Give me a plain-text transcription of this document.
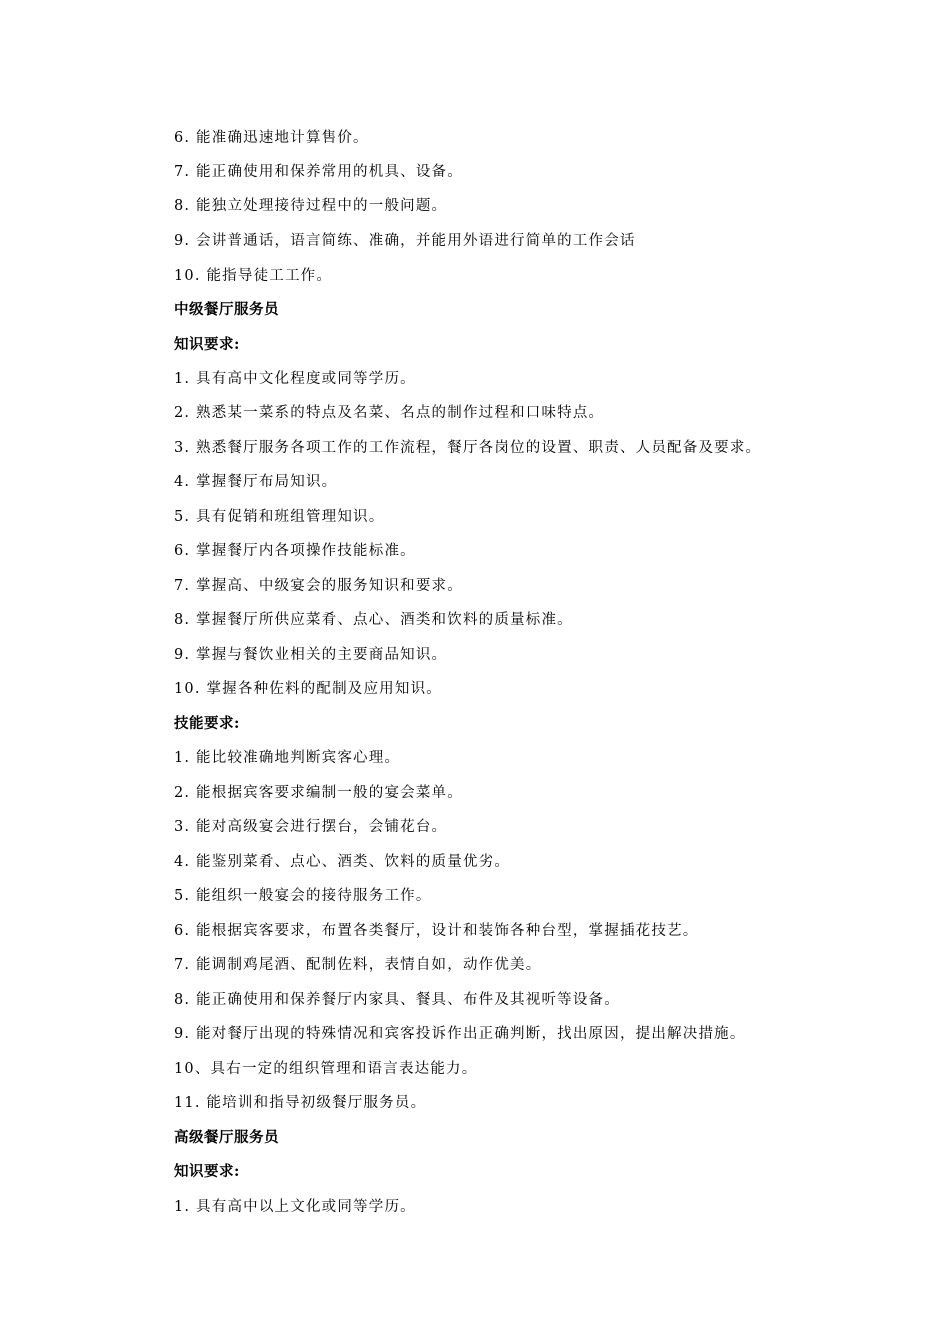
6. 能准确迅速地计算售价。
7. 能正确使用和保养常用的机具、设备。
8. 能独立处理接待过程中的一般问题。
9. 会讲普通话，语言简练、准确，并能用外语进行简单的工作会话
10. 能指导徒工工作。
中级餐厅服务员
知识要求:
1. 具有高中文化程度或同等学历。
2. 熟悉某一菜系的特点及名菜、名点的制作过程和口味特点。
3. 熟悉餐厅服务各项工作的工作流程，餐厅各岗位的设置、职责、人员配备及要求。
4. 掌握餐厅布局知识。
5. 具有促销和班组管理知识。
6. 掌握餐厅内各项操作技能标准。
7. 掌握高、中级宴会的服务知识和要求。
8. 掌握餐厅所供应菜肴、点心、酒类和饮料的质量标准。
9. 掌握与餐饮业相关的主要商品知识。
10. 掌握各种佐料的配制及应用知识。
技能要求:
1. 能比较准确地判断宾客心理。
2. 能根据宾客要求编制一般的宴会菜单。
3. 能对高级宴会进行摆台，会铺花台。
4. 能鉴别菜肴、点心、酒类、饮料的质量优劣。
5. 能组织一般宴会的接待服务工作。
6. 能根据宾客要求，布置各类餐厅，设计和装饰各种台型，掌握插花技艺。
7. 能调制鸡尾酒、配制佐料，表情自如，动作优美。
8. 能正确使用和保养餐厅内家具、餐具、布件及其视听等设备。
9. 能对餐厅出现的特殊情况和宾客投诉作出正确判断，找出原因，提出解决措施。
10、具右一定的组织管理和语言表达能力。
11. 能培训和指导初级餐厅服务员。
高级餐厅服务员
知识要求:
1. 具有高中以上文化或同等学历。
